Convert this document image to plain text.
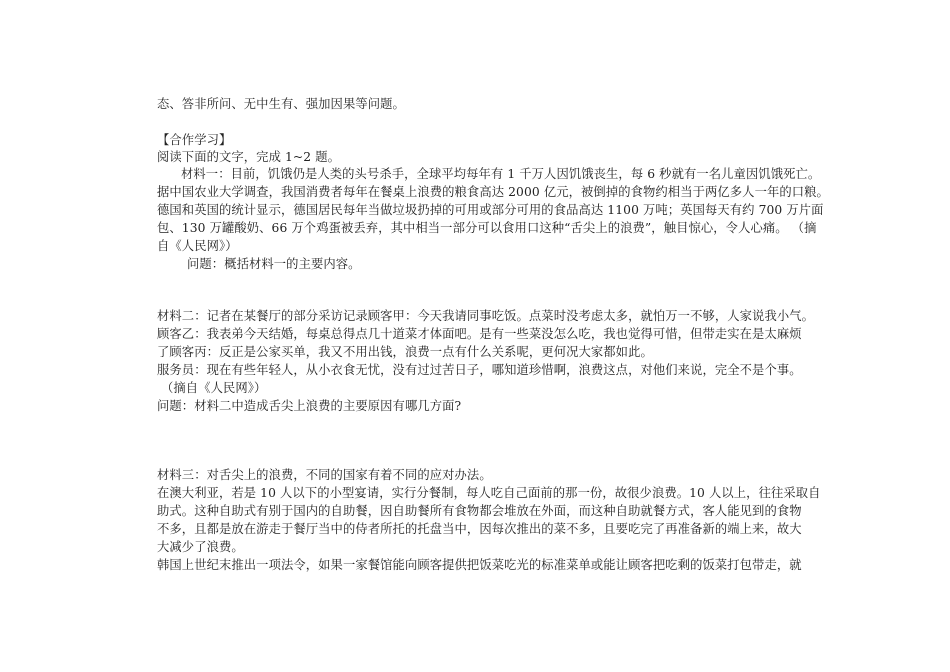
态、答非所问、无中生有、强加因果等问题。
【合作学习】
阅读下面的文字，完成 1~2 题。
材料一：目前，饥饿仍是人类的头号杀手，全球平均每年有 1 千万人因饥饿丧生，每 6 秒就有一名儿童因饥饿死亡。
据中国农业大学调查，我国消费者每年在餐桌上浪费的粮食高达 2000 亿元，被倒掉的食物约相当于两亿多人一年的口粮。
德国和英国的统计显示，德国居民每年当做垃圾扔掉的可用或部分可用的食品高达 1100 万吨；英国每天有约 700 万片面
包、130 万罐酸奶、66 万个鸡蛋被丢弃，其中相当一部分可以食用口这种“舌尖上的浪费”，触目惊心，令人心痛。 （摘
自《人民网》）
问题：概括材料一的主要内容。
材料二：记者在某餐厅的部分采访记录顾客甲：今天我请同事吃饭。点菜时没考虑太多，就怕万一不够，人家说我小气。
顾客乙：我表弟今天结婚，每桌总得点几十道菜才体面吧。是有一些菜没怎么吃，我也觉得可惜，但带走实在是太麻烦
了顾客丙：反正是公家买单，我又不用出钱，浪费一点有什么关系呢，更何况大家都如此。
服务员：现在有些年轻人，从小衣食无忧，没有过过苦日子，哪知道珍惜啊，浪费这点，对他们来说，完全不是个事。
（摘自《人民网》）
问题：材料二中造成舌尖上浪费的主要原因有哪几方面?
材料三：对舌尖上的浪费，不同的国家有着不同的应对办法。
在澳大利亚，若是 10 人以下的小型宴请，实行分餐制，每人吃自己面前的那一份，故很少浪费。10 人以上，往往采取自
助式。这种自助式有别于国内的自助餐，因自助餐所有食物都会堆放在外面，而这种自助就餐方式，客人能见到的食物
不多，且都是放在游走于餐厅当中的侍者所托的托盘当中，因每次推出的菜不多，且要吃完了再准备新的端上来，故大
大减少了浪费。
韩国上世纪末推出一项法令，如果一家餐馆能向顾客提供把饭菜吃光的标准菜单或能让顾客把吃剩的饭菜打包带走，就
